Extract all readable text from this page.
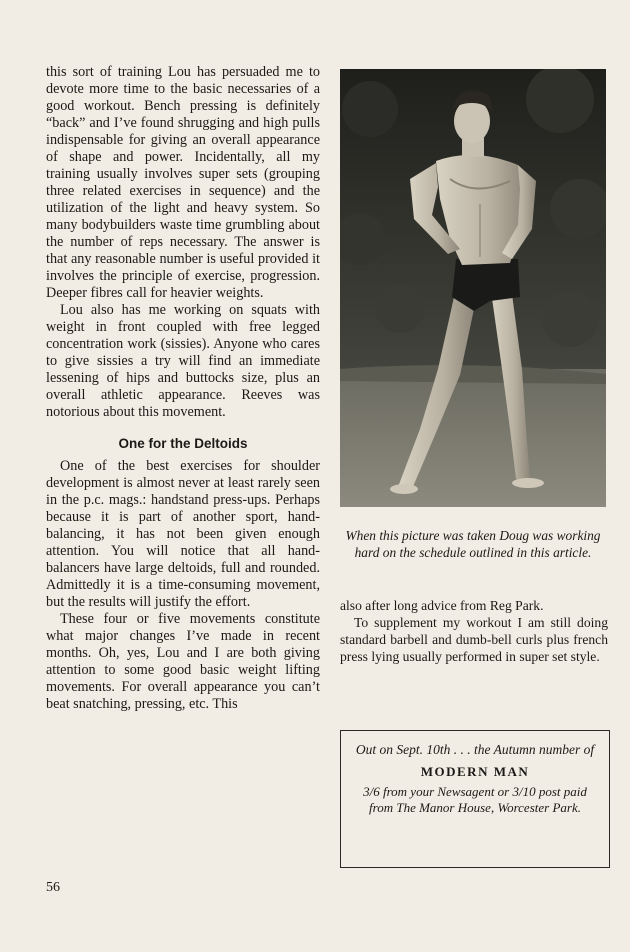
this sort of training Lou has persuaded me to devote more time to the basic necessaries of a good workout. Bench pressing is definitely “back” and I’ve found shrugging and high pulls indispensable for giving an overall appearance of shape and power. Incidentally, all my training usually involves super sets (grouping three related exercises in sequence) and the utilization of the light and heavy system. So many bodybuilders waste time grumbling about the number of reps necessary. The answer is that any reasonable number is useful provided it involves the principle of exercise, progression. Deeper fibres call for heavier weights.

Lou also has me working on squats with weight in front coupled with free legged concentration work (sissies). Anyone who cares to give sissies a try will find an immediate lessening of hips and buttocks size, plus an overall athletic appearance. Reeves was notorious about this movement.

One for the Deltoids

One of the best exercises for shoulder development is almost never at least rarely seen in the p.c. mags.: handstand press-ups. Perhaps because it is part of another sport, hand-balancing, it has not been given enough attention. You will notice that all hand-balancers have large deltoids, full and rounded. Admittedly it is a time-consuming movement, but the results will justify the effort.

These four or five movements constitute what major changes I’ve made in recent months. Oh, yes, Lou and I are both giving attention to some good basic weight lifting movements. For overall appearance you can’t beat snatching, pressing, etc. This

When this picture was taken Doug was working hard on the schedule outlined in this article.

also after long advice from Reg Park.

To supplement my workout I am still doing standard barbell and dumb-bell curls plus french press lying usually performed in super set style.

Out on Sept. 10th . . . the Autumn number of
MODERN MAN
3/6 from your Newsagent or 3/10 post paid from The Manor House, Worcester Park.
56
